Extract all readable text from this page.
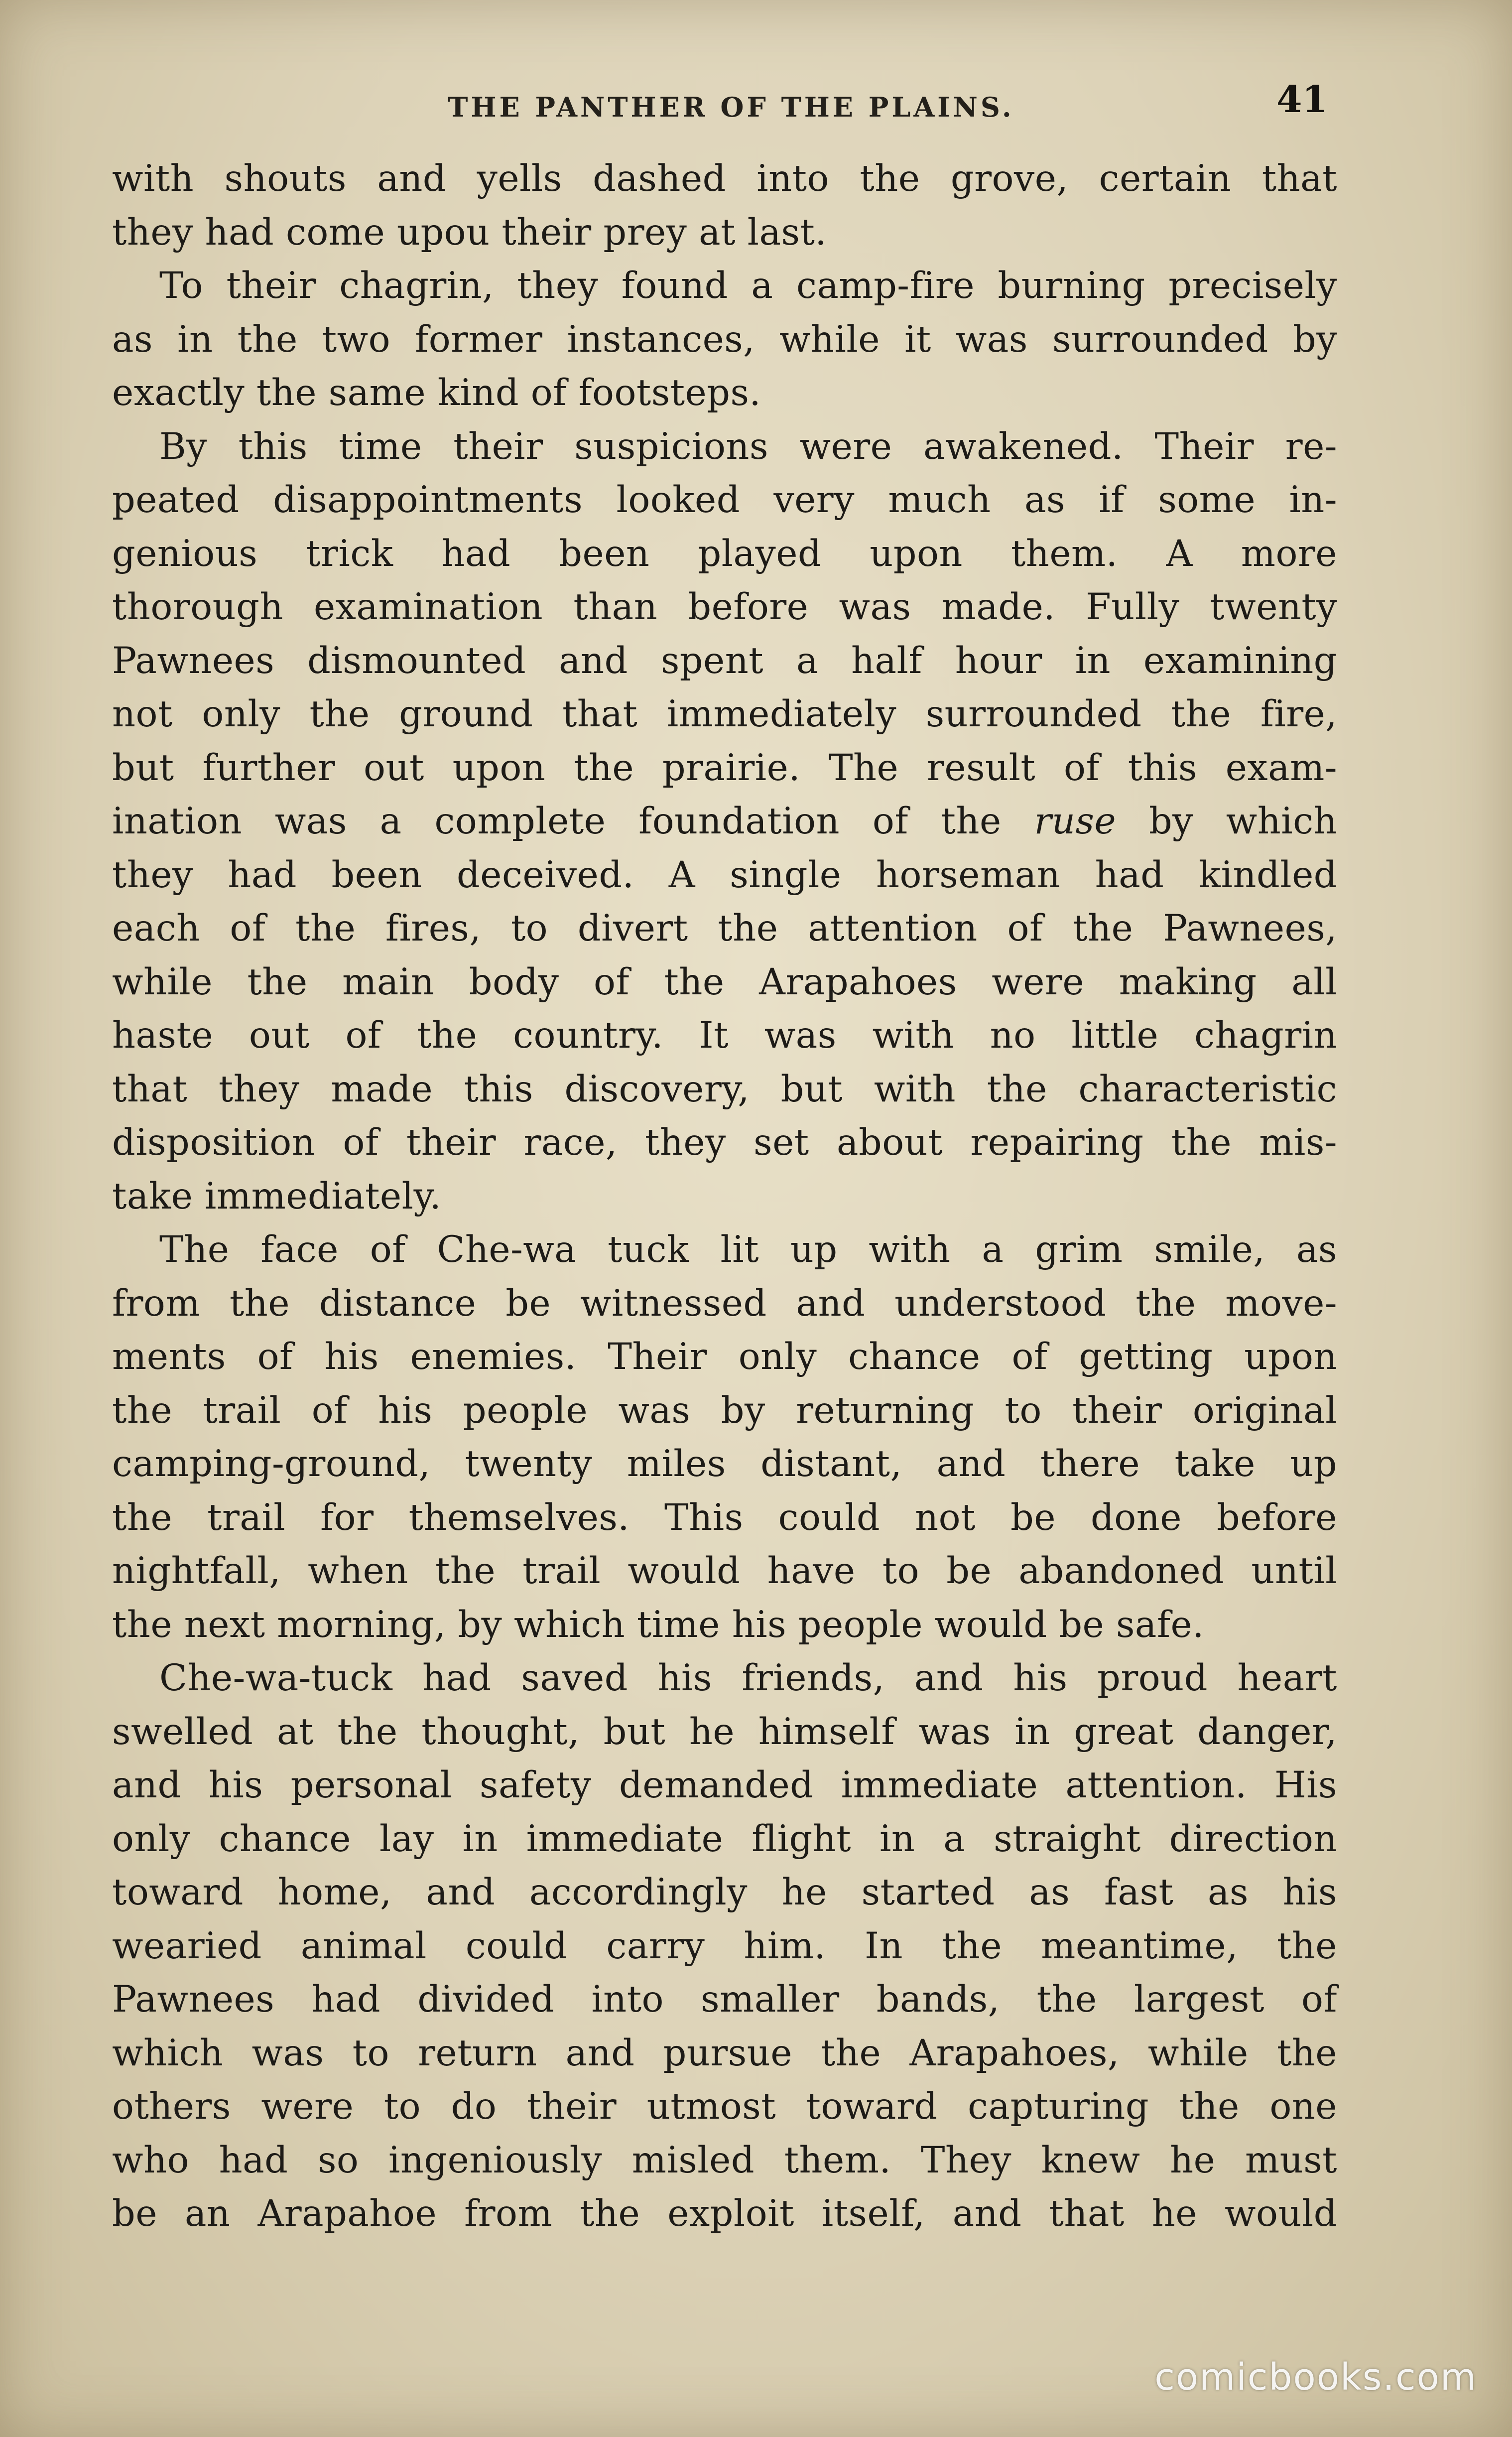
THE PANTHER OF THE PLAINS.	41
with shouts and yells dashed into the grove, certain that
they had come upou their prey at last.
To their chagrin, they found a camp-fire burning precisely
as in the two former instances, while it was surrounded by
exactly the same kind of footsteps.
By this time their suspicions were awakened. Their re-
peated disappointments looked very much as if some in-
genious trick had been played upon them. A more
thorough examination than before was made. Fully twenty
Pawnees dismounted and spent a half hour in examining
not only the ground that immediately surrounded the fire,
but further out upon the prairie. The result of this exam-
ination was a complete foundation of the ruse by which
they had been deceived. A single horseman had kindled
each of the fires, to divert the attention of the Pawnees,
while the main body of the Arapahoes were making all
haste out of the country. It was with no little chagrin
that they made this discovery, but with the characteristic
disposition of their race, they set about repairing the mis-
take immediately.
The face of Che-wa tuck lit up with a grim smile, as
from the distance be witnessed and understood the move-
ments of his enemies. Their only chance of getting upon
the trail of his people was by returning to their original
camping-ground, twenty miles distant, and there take up
the trail for themselves. This could not be done before
nightfall, when the trail would have to be abandoned until
the next morning, by which time his people would be safe.
Che-wa-tuck had saved his friends, and his proud heart
swelled at the thought, but he himself was in great danger,
and his personal safety demanded immediate attention. His
only chance lay in immediate flight in a straight direction
toward home, and accordingly he started as fast as his
wearied animal could carry him. In the meantime, the
Pawnees had divided into smaller bands, the largest of
which was to return and pursue the Arapahoes, while the
others were to do their utmost toward capturing the one
who had so ingeniously misled them. They knew he must
be an Arapahoe from the exploit itself, and that he would
comicbooks.com
